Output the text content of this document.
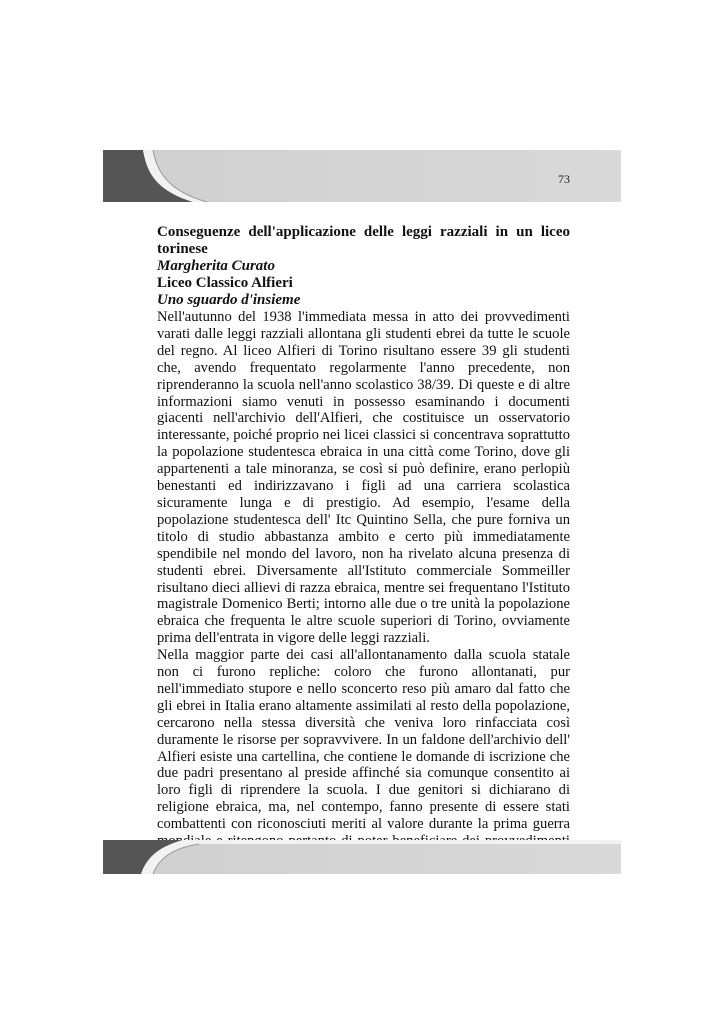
73

Conseguenze dell'applicazione delle leggi razziali in un liceo torinese

Margherita Curato

Liceo Classico Alfieri

Uno sguardo d'insieme

Nell'autunno del 1938 l'immediata messa in atto dei provvedimenti varati dalle leggi razziali allontana gli studenti ebrei da tutte le scuole del regno. Al liceo Alfieri di Torino risultano essere 39 gli studenti che, avendo frequentato regolarmente l'anno precedente, non riprenderanno la scuola nell'anno scolastico 38/39. Di queste e di altre informazioni siamo venuti in possesso esaminando i documenti giacenti nell'archivio dell'Alfieri, che costituisce un osservatorio interessante, poiché proprio nei licei classici si concentrava soprattutto la popolazione studentesca ebraica in una città come Torino, dove gli appartenenti a tale minoranza, se così si può definire, erano perlopiù benestanti ed indirizzavano i figli ad una carriera scolastica sicuramente lunga e di prestigio. Ad esempio, l'esame della popolazione studentesca dell' Itc Quintino Sella, che pure forniva un titolo di studio abbastanza ambito e certo più immediatamente spendibile nel mondo del lavoro, non ha rivelato alcuna presenza di studenti ebrei. Diversamente all'Istituto commerciale Sommeiller risultano dieci allievi di razza ebraica, mentre sei frequentano l'Istituto magistrale Domenico Berti; intorno alle due o tre unità la popolazione ebraica che frequenta le altre scuole superiori di Torino, ovviamente prima dell'entrata in vigore delle leggi razziali.

Nella maggior parte dei casi all'allontanamento dalla scuola statale non ci furono repliche: coloro che furono allontanati, pur nell'immediato stupore e nello sconcerto reso più amaro dal fatto che gli ebrei in Italia erano altamente assimilati al resto della popolazione, cercarono nella stessa diversità che veniva loro rinfacciata così duramente le risorse per sopravvivere. In un faldone dell'archivio dell' Alfieri esiste una cartellina, che contiene le domande di iscrizione che due padri presentano al preside affinché sia comunque consentito ai loro figli di riprendere la scuola. I due genitori si dichiarano di religione ebraica, ma, nel contempo, fanno presente di essere stati combattenti con riconosciuti meriti al valore durante la prima guerra
